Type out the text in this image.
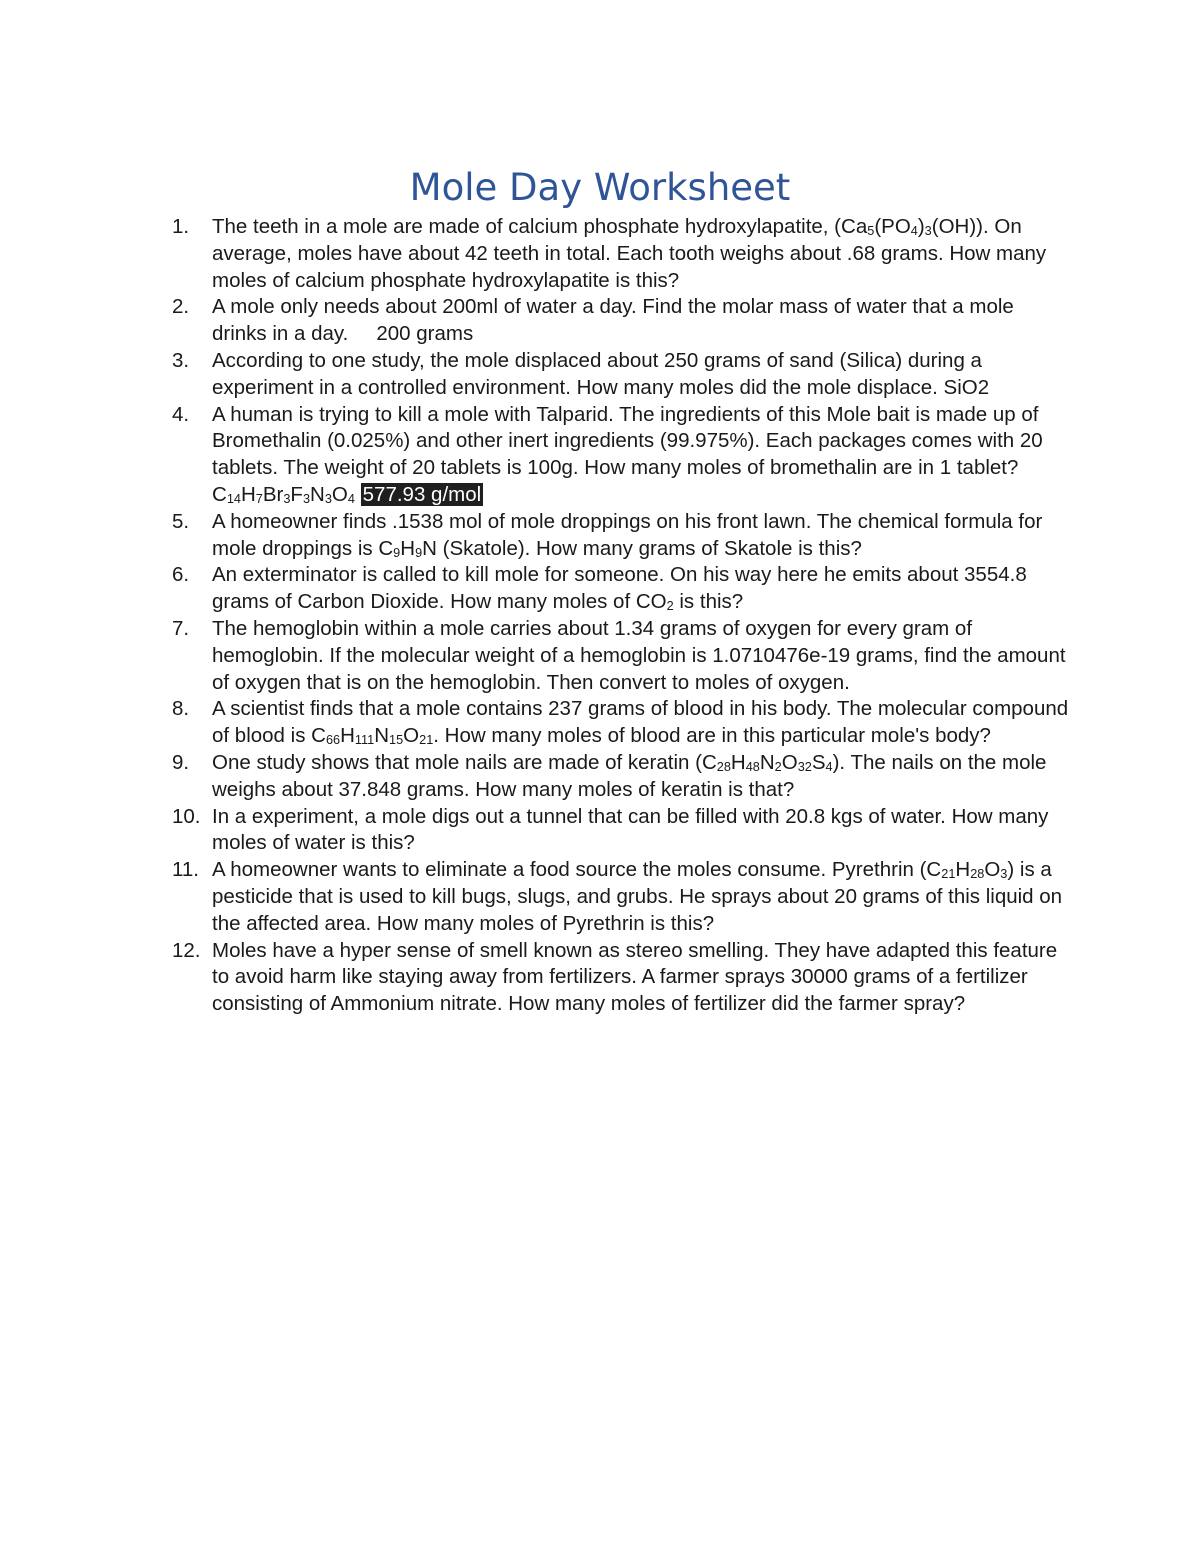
Mole Day Worksheet
1. The teeth in a mole are made of calcium phosphate hydroxylapatite, $(Ca_5(PO_4)_3(OH))$. On average, moles have about 42 teeth in total. Each tooth weighs about .68 grams. How many moles of calcium phosphate hydroxylapatite is this?
2. A mole only needs about 200ml of water a day. Find the molar mass of water that a mole drinks in a day. 200 grams
3. According to one study, the mole displaced about 250 grams of sand (Silica) during a experiment in a controlled environment. How many moles did the mole displace. SiO2
4. A human is trying to kill a mole with Talparid. The ingredients of this Mole bait is made up of Bromethalin (0.025%) and other inert ingredients (99.975%). Each packages comes with 20 tablets. The weight of 20 tablets is 100g. How many moles of bromethalin are in 1 tablet? $C_{14}H_7Br_3F_3N_3O_4$ 577.93 g/mol
5. A homeowner finds .1538 mol of mole droppings on his front lawn. The chemical formula for mole droppings is $C_9H_9N$ (Skatole). How many grams of Skatole is this?
6. An exterminator is called to kill mole for someone. On his way here he emits about 3554.8 grams of Carbon Dioxide. How many moles of $CO_2$ is this?
7. The hemoglobin within a mole carries about 1.34 grams of oxygen for every gram of hemoglobin. If the molecular weight of a hemoglobin is 1.0710476e-19 grams, find the amount of oxygen that is on the hemoglobin. Then convert to moles of oxygen.
8. A scientist finds that a mole contains 237 grams of blood in his body. The molecular compound of blood is $C_{66}H_{111}N_{15}O_{21}$. How many moles of blood are in this particular mole's body?
9. One study shows that mole nails are made of keratin $(C_{28}H_{48}N_2O_{32}S_4)$. The nails on the mole weighs about 37.848 grams. How many moles of keratin is that?
10. In a experiment, a mole digs out a tunnel that can be filled with 20.8 kgs of water. How many moles of water is this?
11. A homeowner wants to eliminate a food source the moles consume. Pyrethrin $(C_{21}H_{28}O_3)$ is a pesticide that is used to kill bugs, slugs, and grubs. He sprays about 20 grams of this liquid on the affected area. How many moles of Pyrethrin is this?
12. Moles have a hyper sense of smell known as stereo smelling. They have adapted this feature to avoid harm like staying away from fertilizers. A farmer sprays 30000 grams of a fertilizer consisting of Ammonium nitrate. How many moles of fertilizer did the farmer spray?
